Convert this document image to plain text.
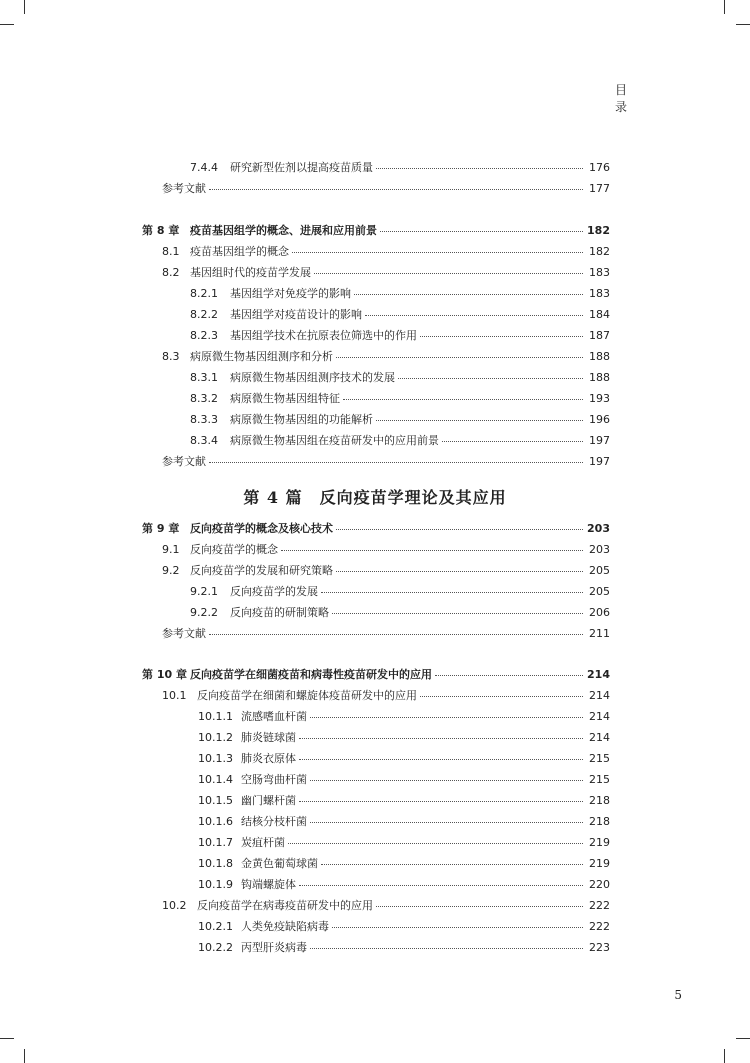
目 录
7.4.4	研究新型佐剂以提高疫苗质量	176
参考文献	177
第 8 章 疫苗基因组学的概念、进展和应用前景	182
8.1 疫苗基因组学的概念	182
8.2 基因组时代的疫苗学发展	183
8.2.1	基因组学对免疫学的影响	183
8.2.2	基因组学对疫苗设计的影响	184
8.2.3	基因组学技术在抗原表位筛选中的作用	187
8.3 病原微生物基因组测序和分析	188
8.3.1	病原微生物基因组测序技术的发展	188
8.3.2	病原微生物基因组特征	193
8.3.3	病原微生物基因组的功能解析	196
8.3.4	病原微生物基因组在疫苗研发中的应用前景	197
参考文献	197
第 9 章 反向疫苗学的概念及核心技术	203
9.1 反向疫苗学的概念	203
9.2 反向疫苗学的发展和研究策略	205
9.2.1	反向疫苗学的发展	205
9.2.2	反向疫苗的研制策略	206
参考文献	211
第 10 章 反向疫苗学在细菌疫苗和病毒性疫苗研发中的应用	214
10.1 反向疫苗学在细菌和螺旋体疫苗研发中的应用	214
10.1.1 流感嗜血杆菌	214
10.1.2 肺炎链球菌	214
10.1.3 肺炎衣原体	215
10.1.4 空肠弯曲杆菌	215
10.1.5 幽门螺杆菌	218
10.1.6 结核分枝杆菌	218
10.1.7 炭疽杆菌	219
10.1.8 金黄色葡萄球菌	219
10.1.9 钩端螺旋体	220
10.2 反向疫苗学在病毒疫苗研发中的应用	222
10.2.1 人类免疫缺陷病毒	222
10.2.2 丙型肝炎病毒	223
第 4 篇　反向疫苗学理论及其应用
5
